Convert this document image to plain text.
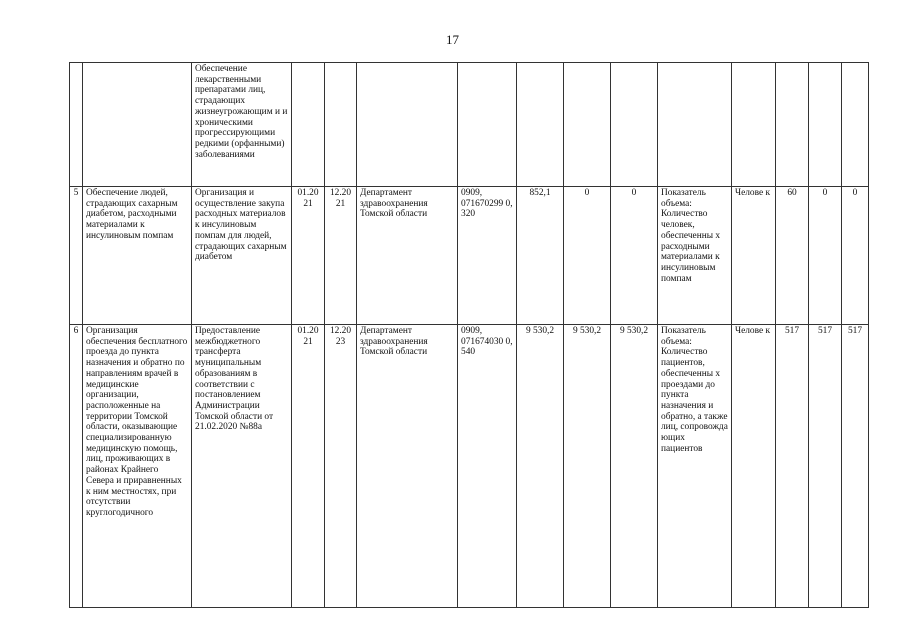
17
		Обеспечение лекарственными препаратами лиц, страдающих жизнеугрожающим и и хроническими прогрессирующими редкими (орфанными) заболеваниями												
5	Обеспечение людей, страдающих сахарным диабетом, расходными материалами к инсулиновым помпам	Организация и осуществление закупа расходных материалов к инсулиновым помпам для людей, страдающих сахарным диабетом	01.20 21	12.20 21	Департамент здравоохранения Томской области	0909, 071670299 0, 320	852,1	0	0	Показатель объема: Количество человек, обеспеченны х расходными материалами к инсулиновым помпам	Челове к	60	0	0
6	Организация обеспечения бесплатного проезда до пункта назначения и обратно по направлениям врачей в медицинские организации, расположенные на территории Томской области, оказывающие специализированную медицинскую помощь, лиц, проживающих в районах Крайнего Севера и приравненных к ним местностях, при отсутствии круглогодичного	Предоставление межбюджетного трансферта муниципальным образованиям в соответствии с постановлением Администрации Томской области от 21.02.2020 №88а	01.20 21	12.20 23	Департамент здравоохранения Томской области	0909, 071674030 0, 540	9 530,2	9 530,2	9 530,2	Показатель объема: Количество пациентов, обеспеченны х проездами до пункта назначения и обратно, а также лиц, сопровожда ющих пациентов	Челове к	517	517	517
